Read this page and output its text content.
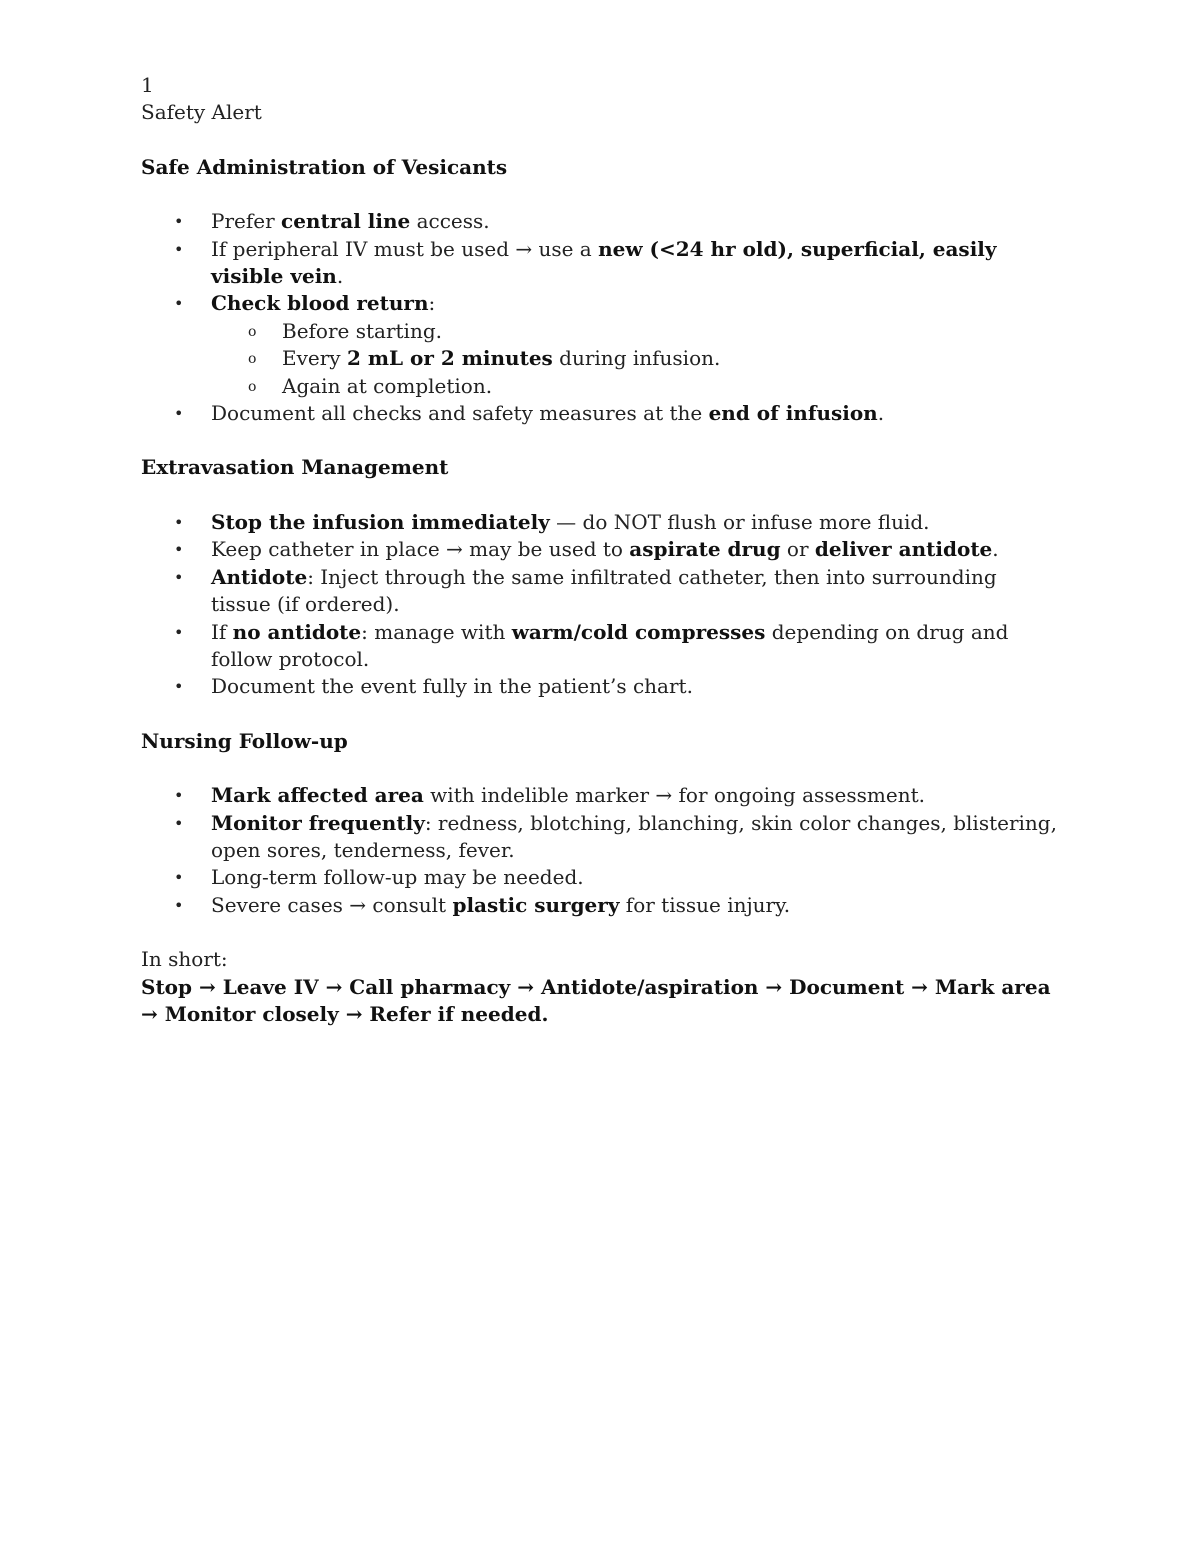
1

Safety Alert

Safe Administration of Vesicants

• Prefer central line access.
• If peripheral IV must be used → use a new (<24 hr old), superficial, easily visible vein.
• Check blood return:
o Before starting.
o Every 2 mL or 2 minutes during infusion.
o Again at completion.
• Document all checks and safety measures at the end of infusion.

Extravasation Management

• Stop the infusion immediately — do NOT flush or infuse more fluid.
• Keep catheter in place → may be used to aspirate drug or deliver antidote.
• Antidote: Inject through the same infiltrated catheter, then into surrounding tissue (if ordered).
• If no antidote: manage with warm/cold compresses depending on drug and follow protocol.
• Document the event fully in the patient’s chart.

Nursing Follow-up

• Mark affected area with indelible marker → for ongoing assessment.
• Monitor frequently: redness, blotching, blanching, skin color changes, blistering, open sores, tenderness, fever.
• Long-term follow-up may be needed.
• Severe cases → consult plastic surgery for tissue injury.

In short:

Stop → Leave IV → Call pharmacy → Antidote/aspiration → Document → Mark area → Monitor closely → Refer if needed.
